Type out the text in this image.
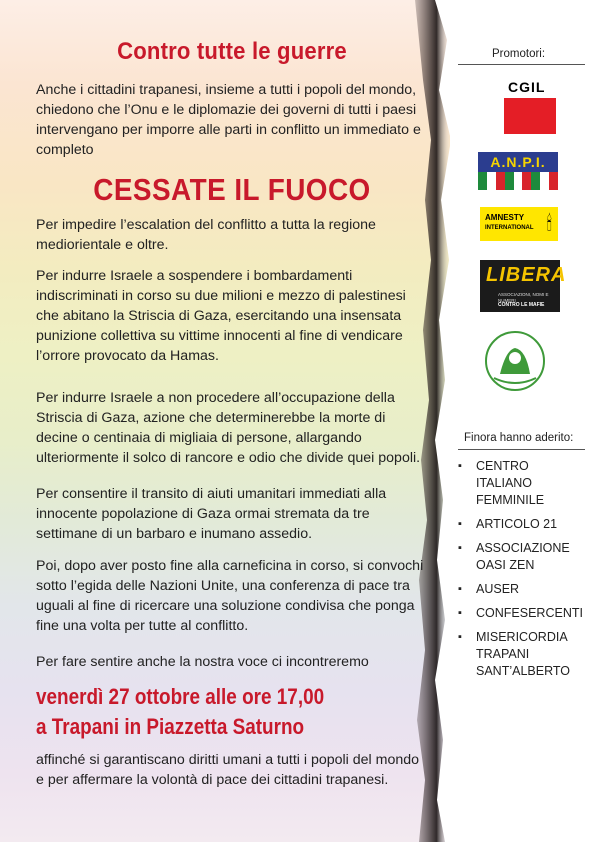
Contro tutte le guerre

Anche i cittadini trapanesi, insieme a tutti i popoli del mondo, chiedono che l’Onu e le diplomazie dei governi di tutti i paesi intervengano per imporre alle parti in conflitto un immediato e completo

CESSATE IL FUOCO

Per impedire l’escalation del conflitto a tutta la regione mediorientale e oltre.

Per indurre Israele a sospendere i bombardamenti indiscriminati in corso su due milioni e mezzo di palestinesi che abitano la Striscia di Gaza, esercitando una insensata punizione collettiva su vittime innocenti al fine di vendicare l’orrore provocato da Hamas.

Per indurre Israele a non procedere all’occupazione della Striscia di Gaza, azione che determinerebbe la morte di decine o centinaia di migliaia di persone, allargando ulteriormente il solco di rancore e odio che divide quei popoli.

Per consentire il transito di aiuti umanitari immediati alla innocente popolazione di Gaza ormai stremata da tre settimane di un barbaro e inumano assedio.

Poi, dopo aver posto fine alla carneficina in corso, si convochi sotto l’egida delle Nazioni Unite, una conferenza di pace tra uguali al fine di ricercare una soluzione condivisa che ponga fine una volta per tutte al conflitto.

Per fare sentire anche la nostra voce ci incontreremo

venerdì 27 ottobre alle ore 17,00
a Trapani in Piazzetta Saturno

affinché si garantiscano diritti umani a tutti i popoli del mondo e per affermare la volontà di pace dei cittadini trapanesi.

Promotori:
CGIL
A.N.P.I.
AMNESTY
INTERNATIONAL 🕯
LIBERA
ASSOCIAZIONI, NOMI E NUMERI
CONTRO LE MAFIE
Finora hanno aderito:
▪ CENTRO ITALIANO FEMMINILE
▪ ARTICOLO 21
▪ ASSOCIAZIONE OASI ZEN
▪ AUSER
▪ CONFESERCENTI
▪ MISERICORDIA TRAPANI SANT’ALBERTO
